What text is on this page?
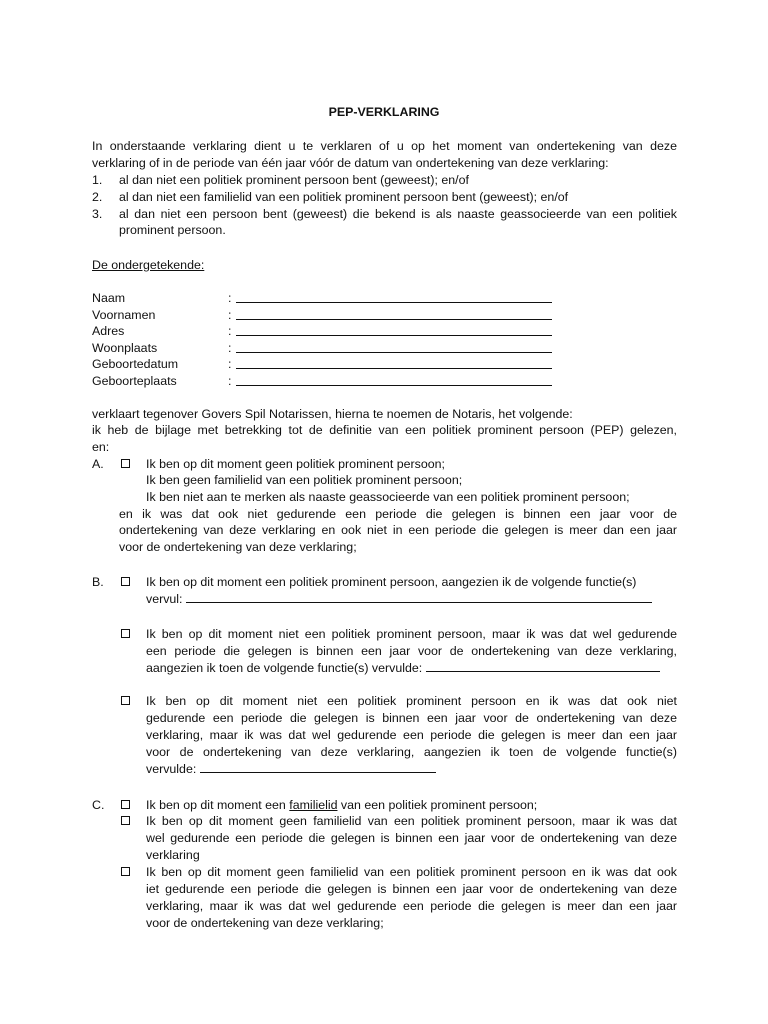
PEP-VERKLARING
In onderstaande verklaring dient u te verklaren of u op het moment van ondertekening van deze
verklaring of in de periode van één jaar vóór de datum van ondertekening van deze verklaring:
1. al dan niet een politiek prominent persoon bent (geweest); en/of
2. al dan niet een familielid van een politiek prominent persoon bent (geweest); en/of
3. al dan niet een persoon bent (geweest) die bekend is als naaste geassocieerde van een politiek
prominent persoon.
De ondergetekende:
Naam	:
Voornamen	:
Adres	:
Woonplaats	:
Geboortedatum	:
Geboorteplaats	:
verklaart tegenover Govers Spil Notarissen, hierna te noemen de Notaris, het volgende:
ik heb de bijlage met betrekking tot de definitie van een politiek prominent persoon (PEP) gelezen,
en:
A.	Ik ben op dit moment geen politiek prominent persoon;
Ik ben geen familielid van een politiek prominent persoon;
Ik ben niet aan te merken als naaste geassocieerde van een politiek prominent persoon;
en ik was dat ook niet gedurende een periode die gelegen is binnen een jaar voor de
ondertekening van deze verklaring en ook niet in een periode die gelegen is meer dan een jaar
voor de ondertekening van deze verklaring;
B.	Ik ben op dit moment een politiek prominent persoon, aangezien ik de volgende functie(s)
vervul:
Ik ben op dit moment niet een politiek prominent persoon, maar ik was dat wel gedurende
een periode die gelegen is binnen een jaar voor de ondertekening van deze verklaring,
aangezien ik toen de volgende functie(s) vervulde:
Ik ben op dit moment niet een politiek prominent persoon en ik was dat ook niet
gedurende een periode die gelegen is binnen een jaar voor de ondertekening van deze
verklaring, maar ik was dat wel gedurende een periode die gelegen is meer dan een jaar
voor de ondertekening van deze verklaring, aangezien ik toen de volgende functie(s)
vervulde:
C.	Ik ben op dit moment een familielid van een politiek prominent persoon;
Ik ben op dit moment geen familielid van een politiek prominent persoon, maar ik was dat
wel gedurende een periode die gelegen is binnen een jaar voor de ondertekening van deze
verklaring
Ik ben op dit moment geen familielid van een politiek prominent persoon en ik was dat ook
iet gedurende een periode die gelegen is binnen een jaar voor de ondertekening van deze
verklaring, maar ik was dat wel gedurende een periode die gelegen is meer dan een jaar
voor de ondertekening van deze verklaring;
